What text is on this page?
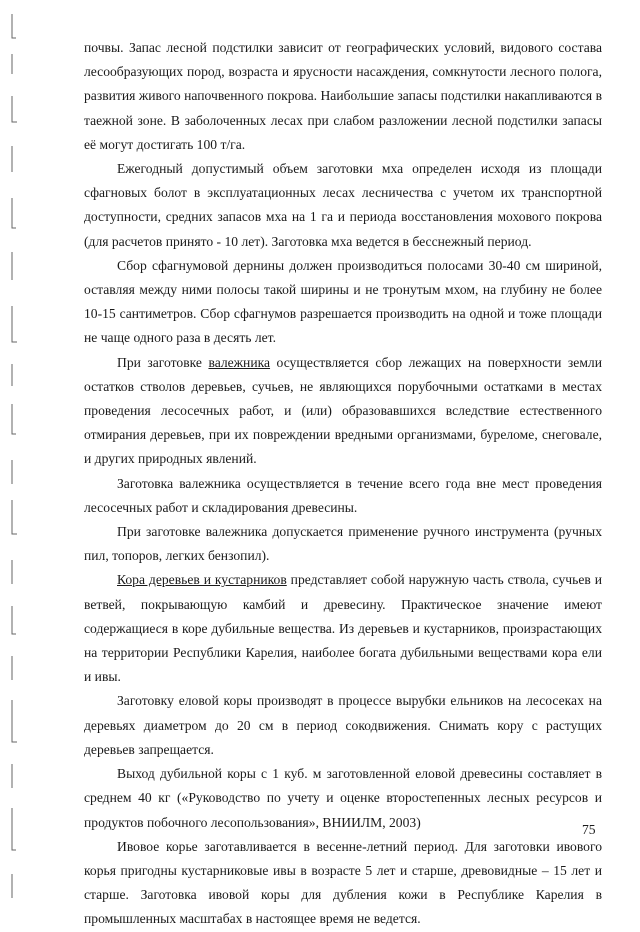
почвы. Запас лесной подстилки зависит от географических условий, видового состава лесообразующих пород, возраста и ярусности насаждения, сомкнутости лесного полога, развития живого напочвенного покрова. Наибольшие запасы подстилки накапливаются в таежной зоне. В заболоченных лесах при слабом разложении лесной подстилки запасы её могут достигать 100 т/га.

Ежегодный допустимый объем заготовки мха определен исходя из площади сфагновых болот в эксплуатационных лесах лесничества с учетом их транспортной доступности, средних запасов мха на 1 га и периода восстановления мохового покрова (для расчетов принято - 10 лет). Заготовка мха ведется в бесснежный период.

Сбор сфагнумовой дернины должен производиться полосами 30-40 см шириной, оставляя между ними полосы такой ширины и не тронутым мхом, на глубину не более 10-15 сантиметров. Сбор сфагнумов разрешается производить на одной и тоже площади не чаще одного раза в десять лет.

При заготовке валежника осуществляется сбор лежащих на поверхности земли остатков стволов деревьев, сучьев, не являющихся порубочными остатками в местах проведения лесосечных работ, и (или) образовавшихся вследствие естественного отмирания деревьев, при их повреждении вредными организмами, буреломе, снеговале, и других природных явлений.

Заготовка валежника осуществляется в течение всего года вне мест проведения лесосечных работ и складирования древесины.

При заготовке валежника допускается применение ручного инструмента (ручных пил, топоров, легких бензопил).

Кора деревьев и кустарников представляет собой наружную часть ствола, сучьев и ветвей, покрывающую камбий и древесину. Практическое значение имеют содержащиеся в коре дубильные вещества. Из деревьев и кустарников, произрастающих на территории Республики Карелия, наиболее богата дубильными веществами кора ели и ивы.

Заготовку еловой коры производят в процессе вырубки ельников на лесосеках на деревьях диаметром до 20 см в период сокодвижения. Снимать кору с растущих деревьев запрещается.

Выход дубильной коры с 1 куб. м заготовленной еловой древесины составляет в среднем 40 кг («Руководство по учету и оценке второстепенных лесных ресурсов и продуктов побочного лесопользования», ВНИИЛМ, 2003)

Ивовое корье заготавливается в весенне-летний период. Для заготовки ивового корья пригодны кустарниковые ивы в возрасте 5 лет и старше, древовидные – 15 лет и старше. Заготовка ивовой коры для дубления кожи в Республике Карелия в промышленных масштабах в настоящее время не ведется.

75
